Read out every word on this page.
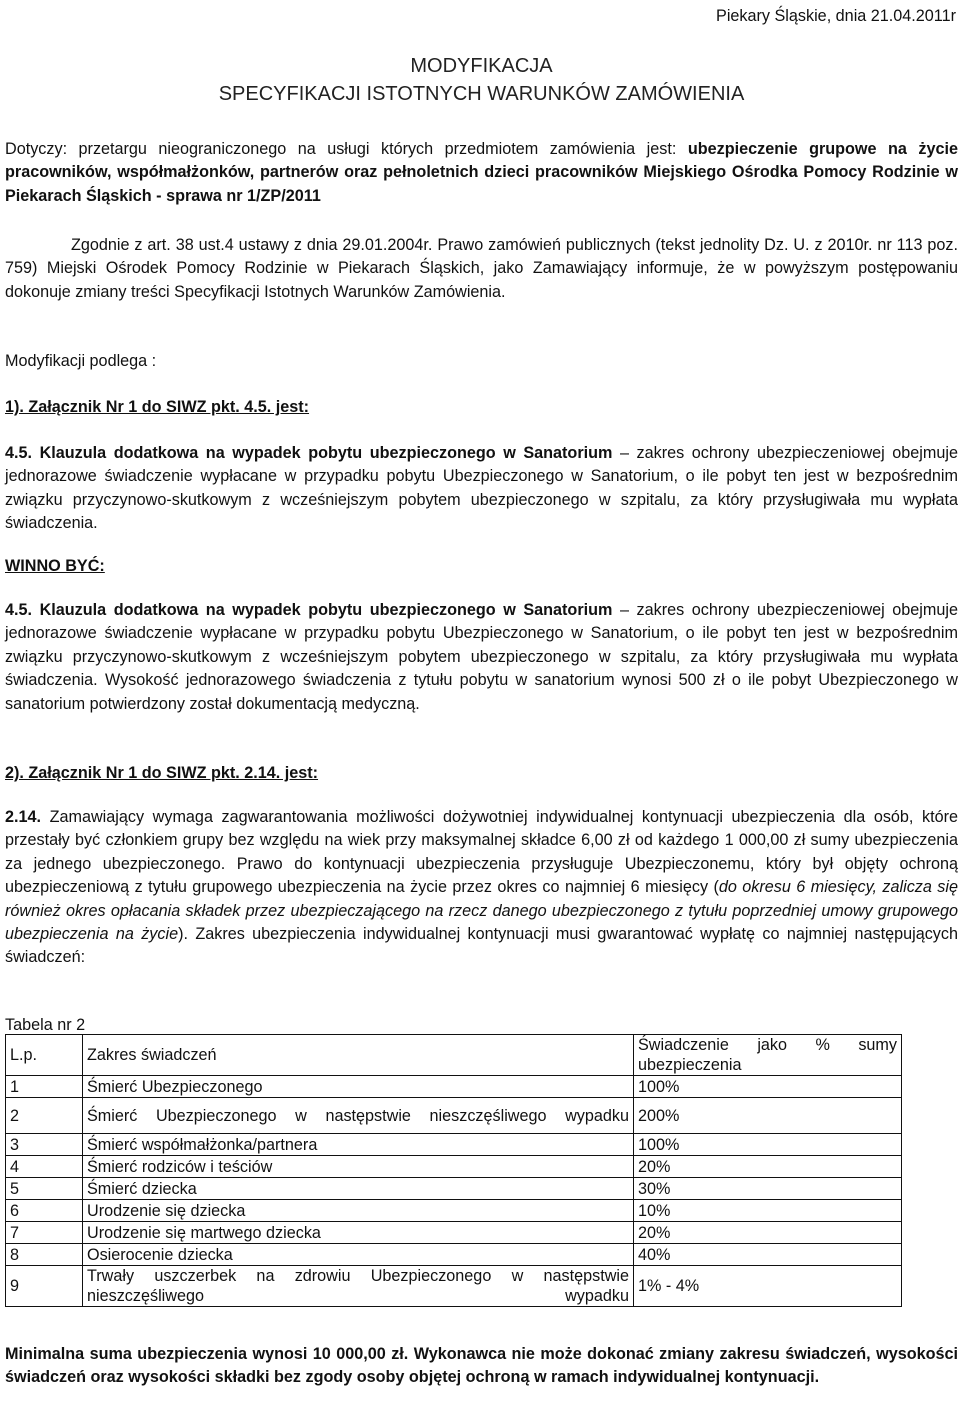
Piekary Śląskie, dnia 21.04.2011r
MODYFIKACJA
SPECYFIKACJI ISTOTNYCH WARUNKÓW ZAMÓWIENIA

Dotyczy: przetargu nieograniczonego na usługi których przedmiotem zamówienia jest: ubezpieczenie grupowe na życie pracowników, współmałżonków, partnerów oraz pełnoletnich dzieci pracowników Miejskiego Ośrodka Pomocy Rodzinie w Piekarach Śląskich - sprawa nr 1/ZP/2011

Zgodnie z art. 38 ust.4 ustawy z dnia 29.01.2004r. Prawo zamówień publicznych (tekst jednolity Dz. U. z 2010r. nr 113 poz. 759) Miejski Ośrodek Pomocy Rodzinie w Piekarach Śląskich, jako Zamawiający informuje, że w powyższym postępowaniu dokonuje zmiany treści Specyfikacji Istotnych Warunków Zamówienia.

Modyfikacji podlega :

1). Załącznik Nr 1 do SIWZ pkt. 4.5. jest:

4.5. Klauzula dodatkowa na wypadek pobytu ubezpieczonego w Sanatorium – zakres ochrony ubezpieczeniowej obejmuje jednorazowe świadczenie wypłacane w przypadku pobytu Ubezpieczonego w Sanatorium, o ile pobyt ten jest w bezpośrednim związku przyczynowo-skutkowym z wcześniejszym pobytem ubezpieczonego w szpitalu, za który przysługiwała mu wypłata świadczenia.

WINNO BYĆ:

4.5. Klauzula dodatkowa na wypadek pobytu ubezpieczonego w Sanatorium – zakres ochrony ubezpieczeniowej obejmuje jednorazowe świadczenie wypłacane w przypadku pobytu Ubezpieczonego w Sanatorium, o ile pobyt ten jest w bezpośrednim związku przyczynowo-skutkowym z wcześniejszym pobytem ubezpieczonego w szpitalu, za który przysługiwała mu wypłata świadczenia. Wysokość jednorazowego świadczenia z tytułu pobytu w sanatorium wynosi 500 zł o ile pobyt Ubezpieczonego w sanatorium potwierdzony został dokumentacją medyczną.

2). Załącznik Nr 1 do SIWZ pkt. 2.14. jest:

2.14. Zamawiający wymaga zagwarantowania możliwości dożywotniej indywidualnej kontynuacji ubezpieczenia dla osób, które przestały być członkiem grupy bez względu na wiek przy maksymalnej składce 6,00 zł od każdego 1 000,00 zł sumy ubezpieczenia za jednego ubezpieczonego. Prawo do kontynuacji ubezpieczenia przysługuje Ubezpieczonemu, który był objęty ochroną ubezpieczeniową z tytułu grupowego ubezpieczenia na życie przez okres co najmniej 6 miesięcy (do okresu 6 miesięcy, zalicza się również okres opłacania składek przez ubezpieczającego na rzecz danego ubezpieczonego z tytułu poprzedniej umowy grupowego ubezpieczenia na życie). Zakres ubezpieczenia indywidualnej kontynuacji musi gwarantować wypłatę co najmniej następujących świadczeń:

Tabela nr 2

L.p.	Zakres świadczeń	Świadczenie jako % sumy ubezpieczenia
1	Śmierć Ubezpieczonego	100%
2	Śmierć Ubezpieczonego w następstwie nieszczęśliwego wypadku	200%
3	Śmierć współmałżonka/partnera	100%
4	Śmierć rodziców i teściów	20%
5	Śmierć dziecka	30%
6	Urodzenie się dziecka	10%
7	Urodzenie się martwego dziecka	20%
8	Osierocenie dziecka	40%
9	Trwały uszczerbek na zdrowiu Ubezpieczonego w następstwie nieszczęśliwego wypadku	1% - 4%

Minimalna suma ubezpieczenia wynosi 10 000,00 zł. Wykonawca nie może dokonać zmiany zakresu świadczeń, wysokości świadczeń oraz wysokości składki bez zgody osoby objętej ochroną w ramach indywidualnej kontynuacji.
